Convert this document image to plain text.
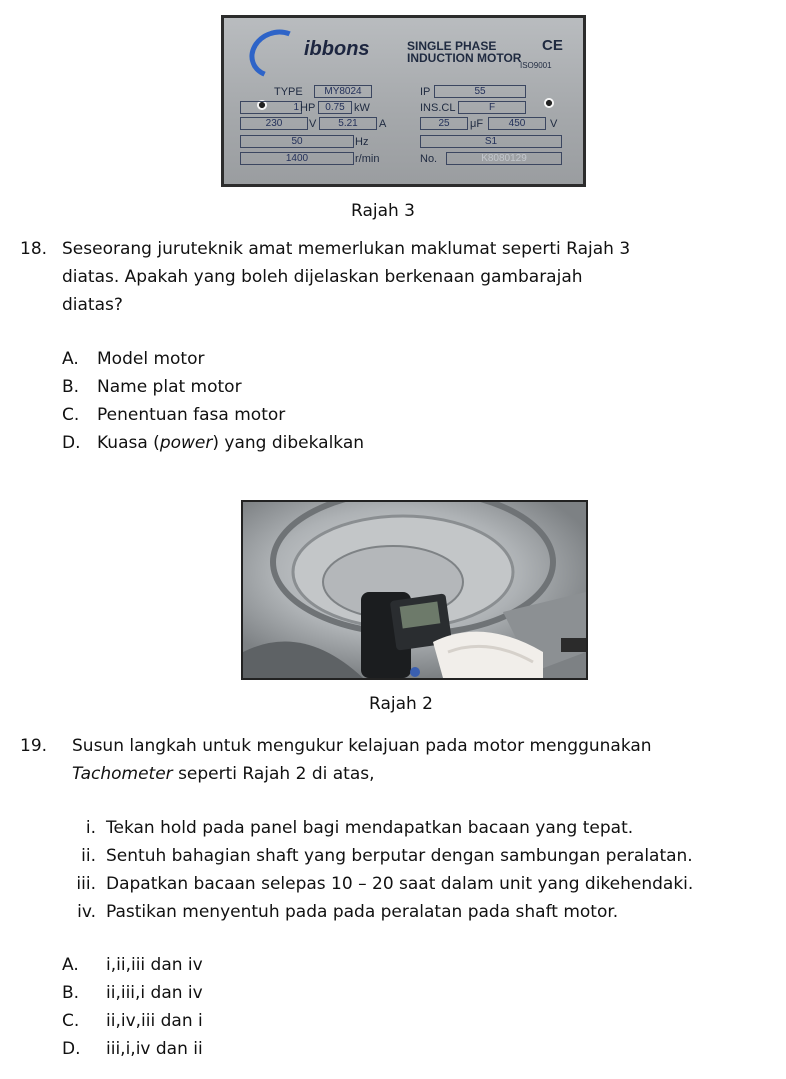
ibbons	SINGLE PHASE
INDUCTION MOTOR
CE
ISO9001
TYPE	MY8024	IP	55
1 HP 0.75 kW	INS.CL	F
230	V	5.21	A	25	μF	450	V
50	Hz	S1
1400	r/min	No.	K8080129
Rajah 3
18. Seseorang juruteknik amat memerlukan maklumat seperti Rajah 3
diatas. Apakah yang boleh dijelaskan berkenaan gambarajah
diatas?
A. Model motor
B. Name plat motor
C. Penentuan fasa motor
D. Kuasa (power) yang dibekalkan
Rajah 2
19. Susun langkah untuk mengukur kelajuan pada motor menggunakan
Tachometer seperti Rajah 2 di atas,
i. Tekan hold pada panel bagi mendapatkan bacaan yang tepat.
ii. Sentuh bahagian shaft yang berputar dengan sambungan peralatan.
iii. Dapatkan bacaan selepas 10 – 20 saat dalam unit yang dikehendaki.
iv. Pastikan menyentuh pada pada peralatan pada shaft motor.
A. i,ii,iii dan iv
B. ii,iii,i dan iv
C. ii,iv,iii dan i
D. iii,i,iv dan ii
